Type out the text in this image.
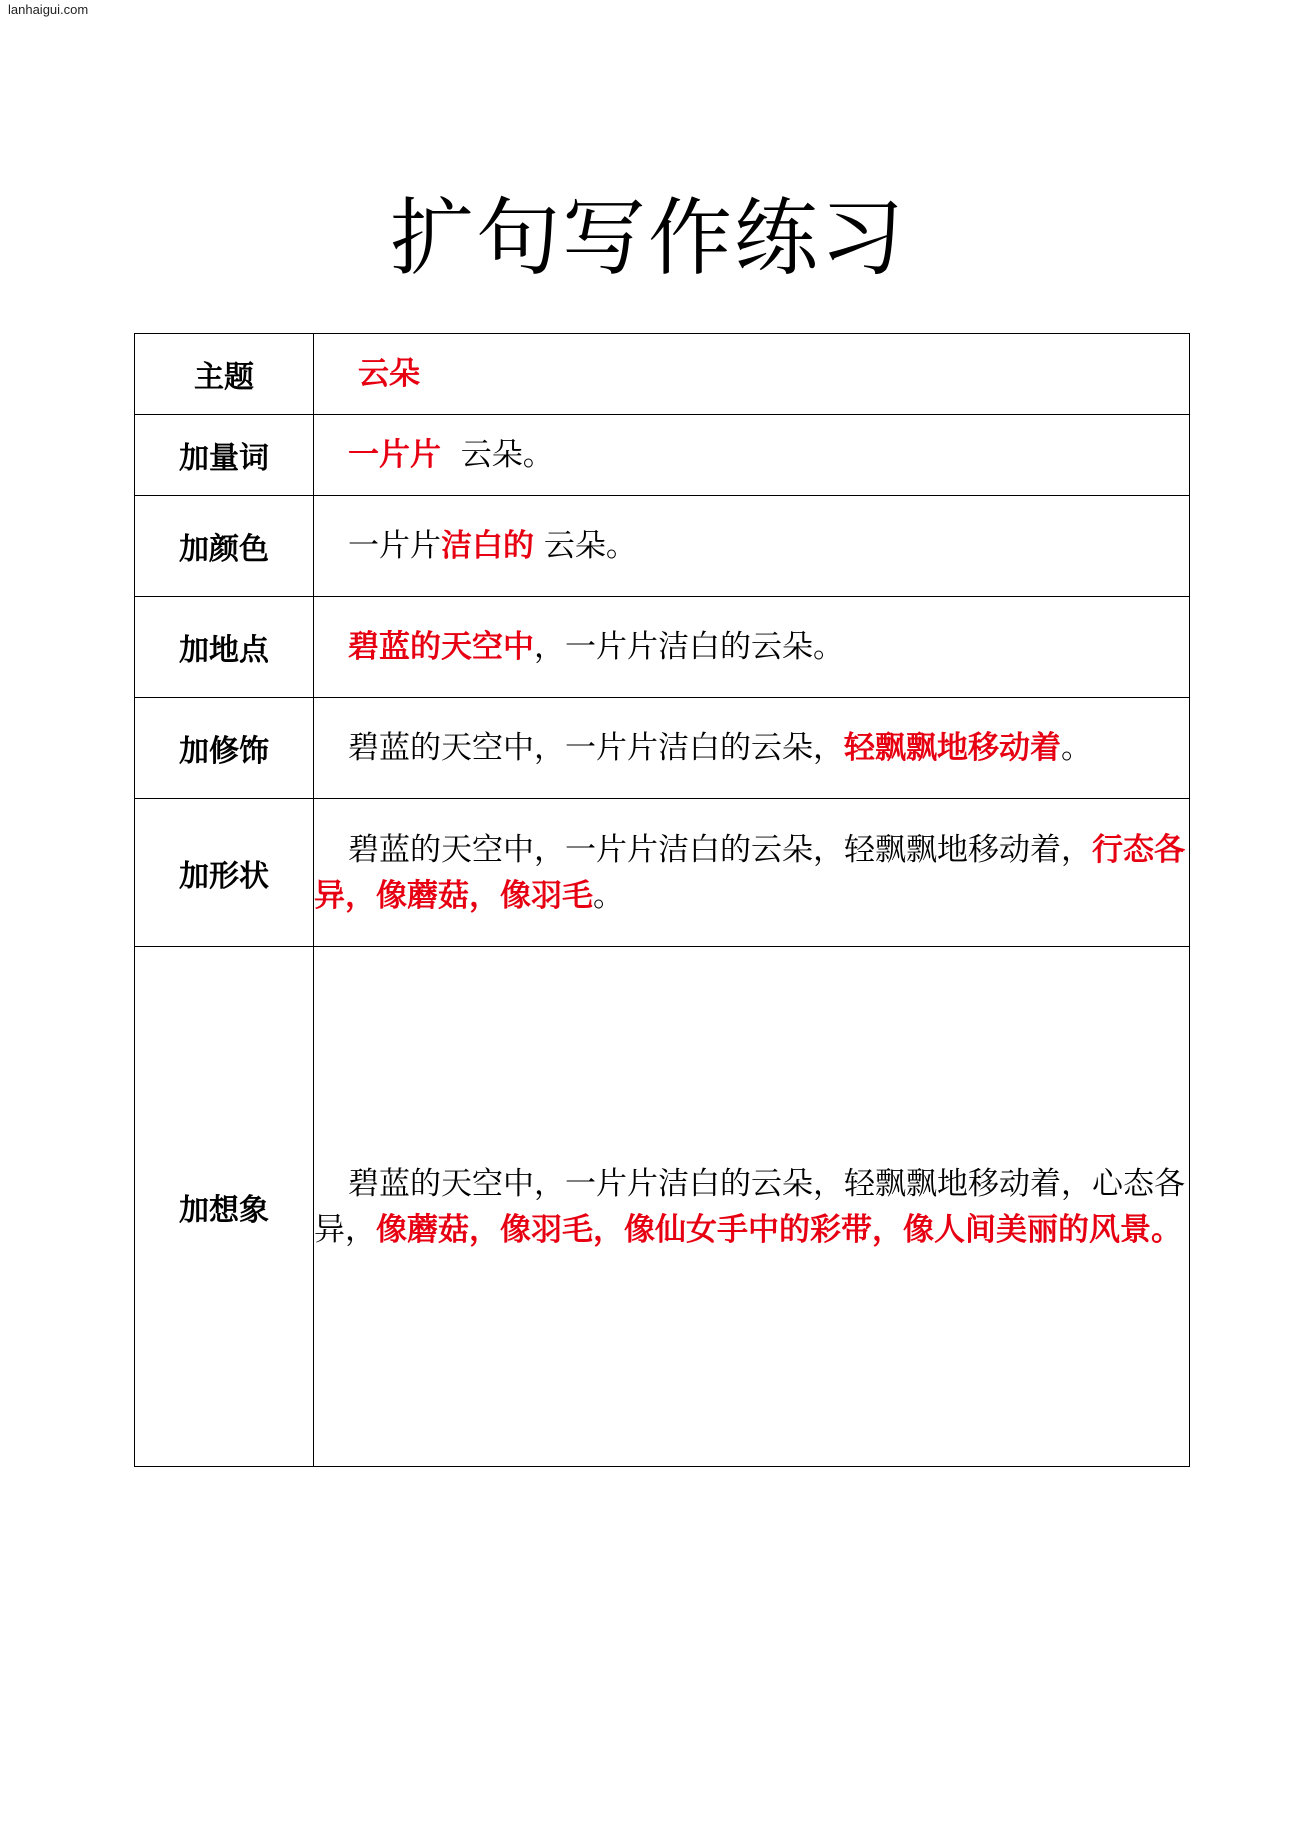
lanhaigui.com
扩句写作练习
主题	云朵

加量词	一片片  云朵。

加颜色	一片片洁白的 云朵。

加地点	碧蓝的天空中，一片片洁白的云朵。

加修饰	碧蓝的天空中，一片片洁白的云朵，轻飘飘地移动着。

加形状	碧蓝的天空中，一片片洁白的云朵，轻飘飘地移动着，行态各异，像蘑菇，像羽毛。

加想象	碧蓝的天空中，一片片洁白的云朵，轻飘飘地移动着，心态各异，像蘑菇，像羽毛，像仙女手中的彩带，像人间美丽的风景。
